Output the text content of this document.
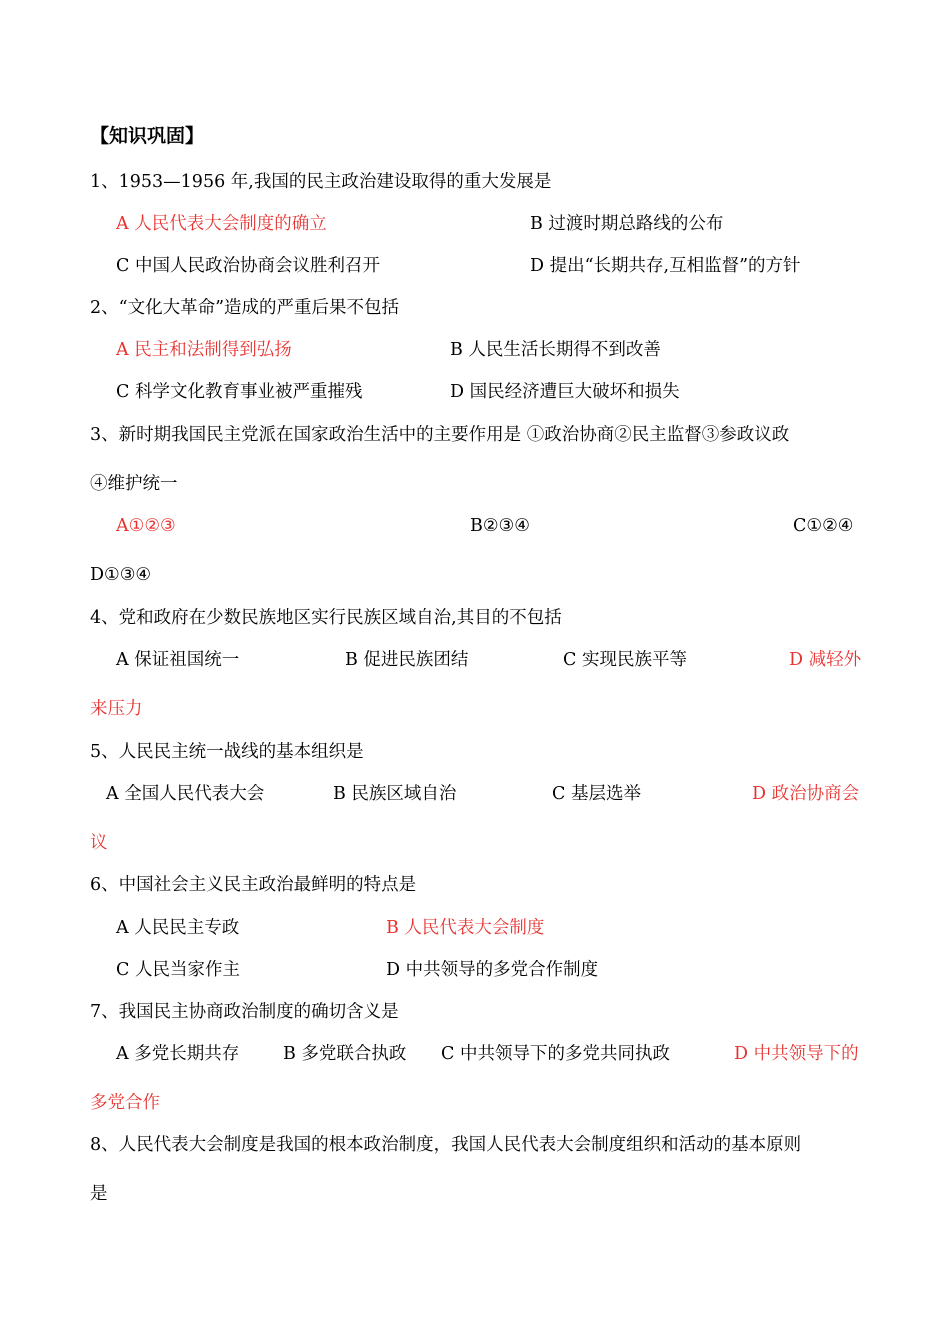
【知识巩固】
1、1953—1956 年,我国的民主政治建设取得的重大发展是
A 人民代表大会制度的确立	B 过渡时期总路线的公布
C 中国人民政治协商会议胜利召开	D 提出“长期共存,互相监督”的方针
2、“文化大革命”造成的严重后果不包括
A 民主和法制得到弘扬	B 人民生活长期得不到改善
C 科学文化教育事业被严重摧残	D 国民经济遭巨大破坏和损失
3、新时期我国民主党派在国家政治生活中的主要作用是 ①政治协商②民主监督③参政议政
④维护统一
A①②③	B②③④	C①②④
D①③④
4、党和政府在少数民族地区实行民族区域自治,其目的不包括
A 保证祖国统一	B 促进民族团结	C 实现民族平等	D 减轻外
来压力
5、人民民主统一战线的基本组织是
A 全国人民代表大会	B 民族区域自治	C 基层选举	D 政治协商会
议
6、中国社会主义民主政治最鲜明的特点是
A 人民民主专政	B 人民代表大会制度
C 人民当家作主	D 中共领导的多党合作制度
7、我国民主协商政治制度的确切含义是
A 多党长期共存	B 多党联合执政 C 中共领导下的多党共同执政	D 中共领导下的
多党合作
8、人民代表大会制度是我国的根本政治制度，我国人民代表大会制度组织和活动的基本原则
是
